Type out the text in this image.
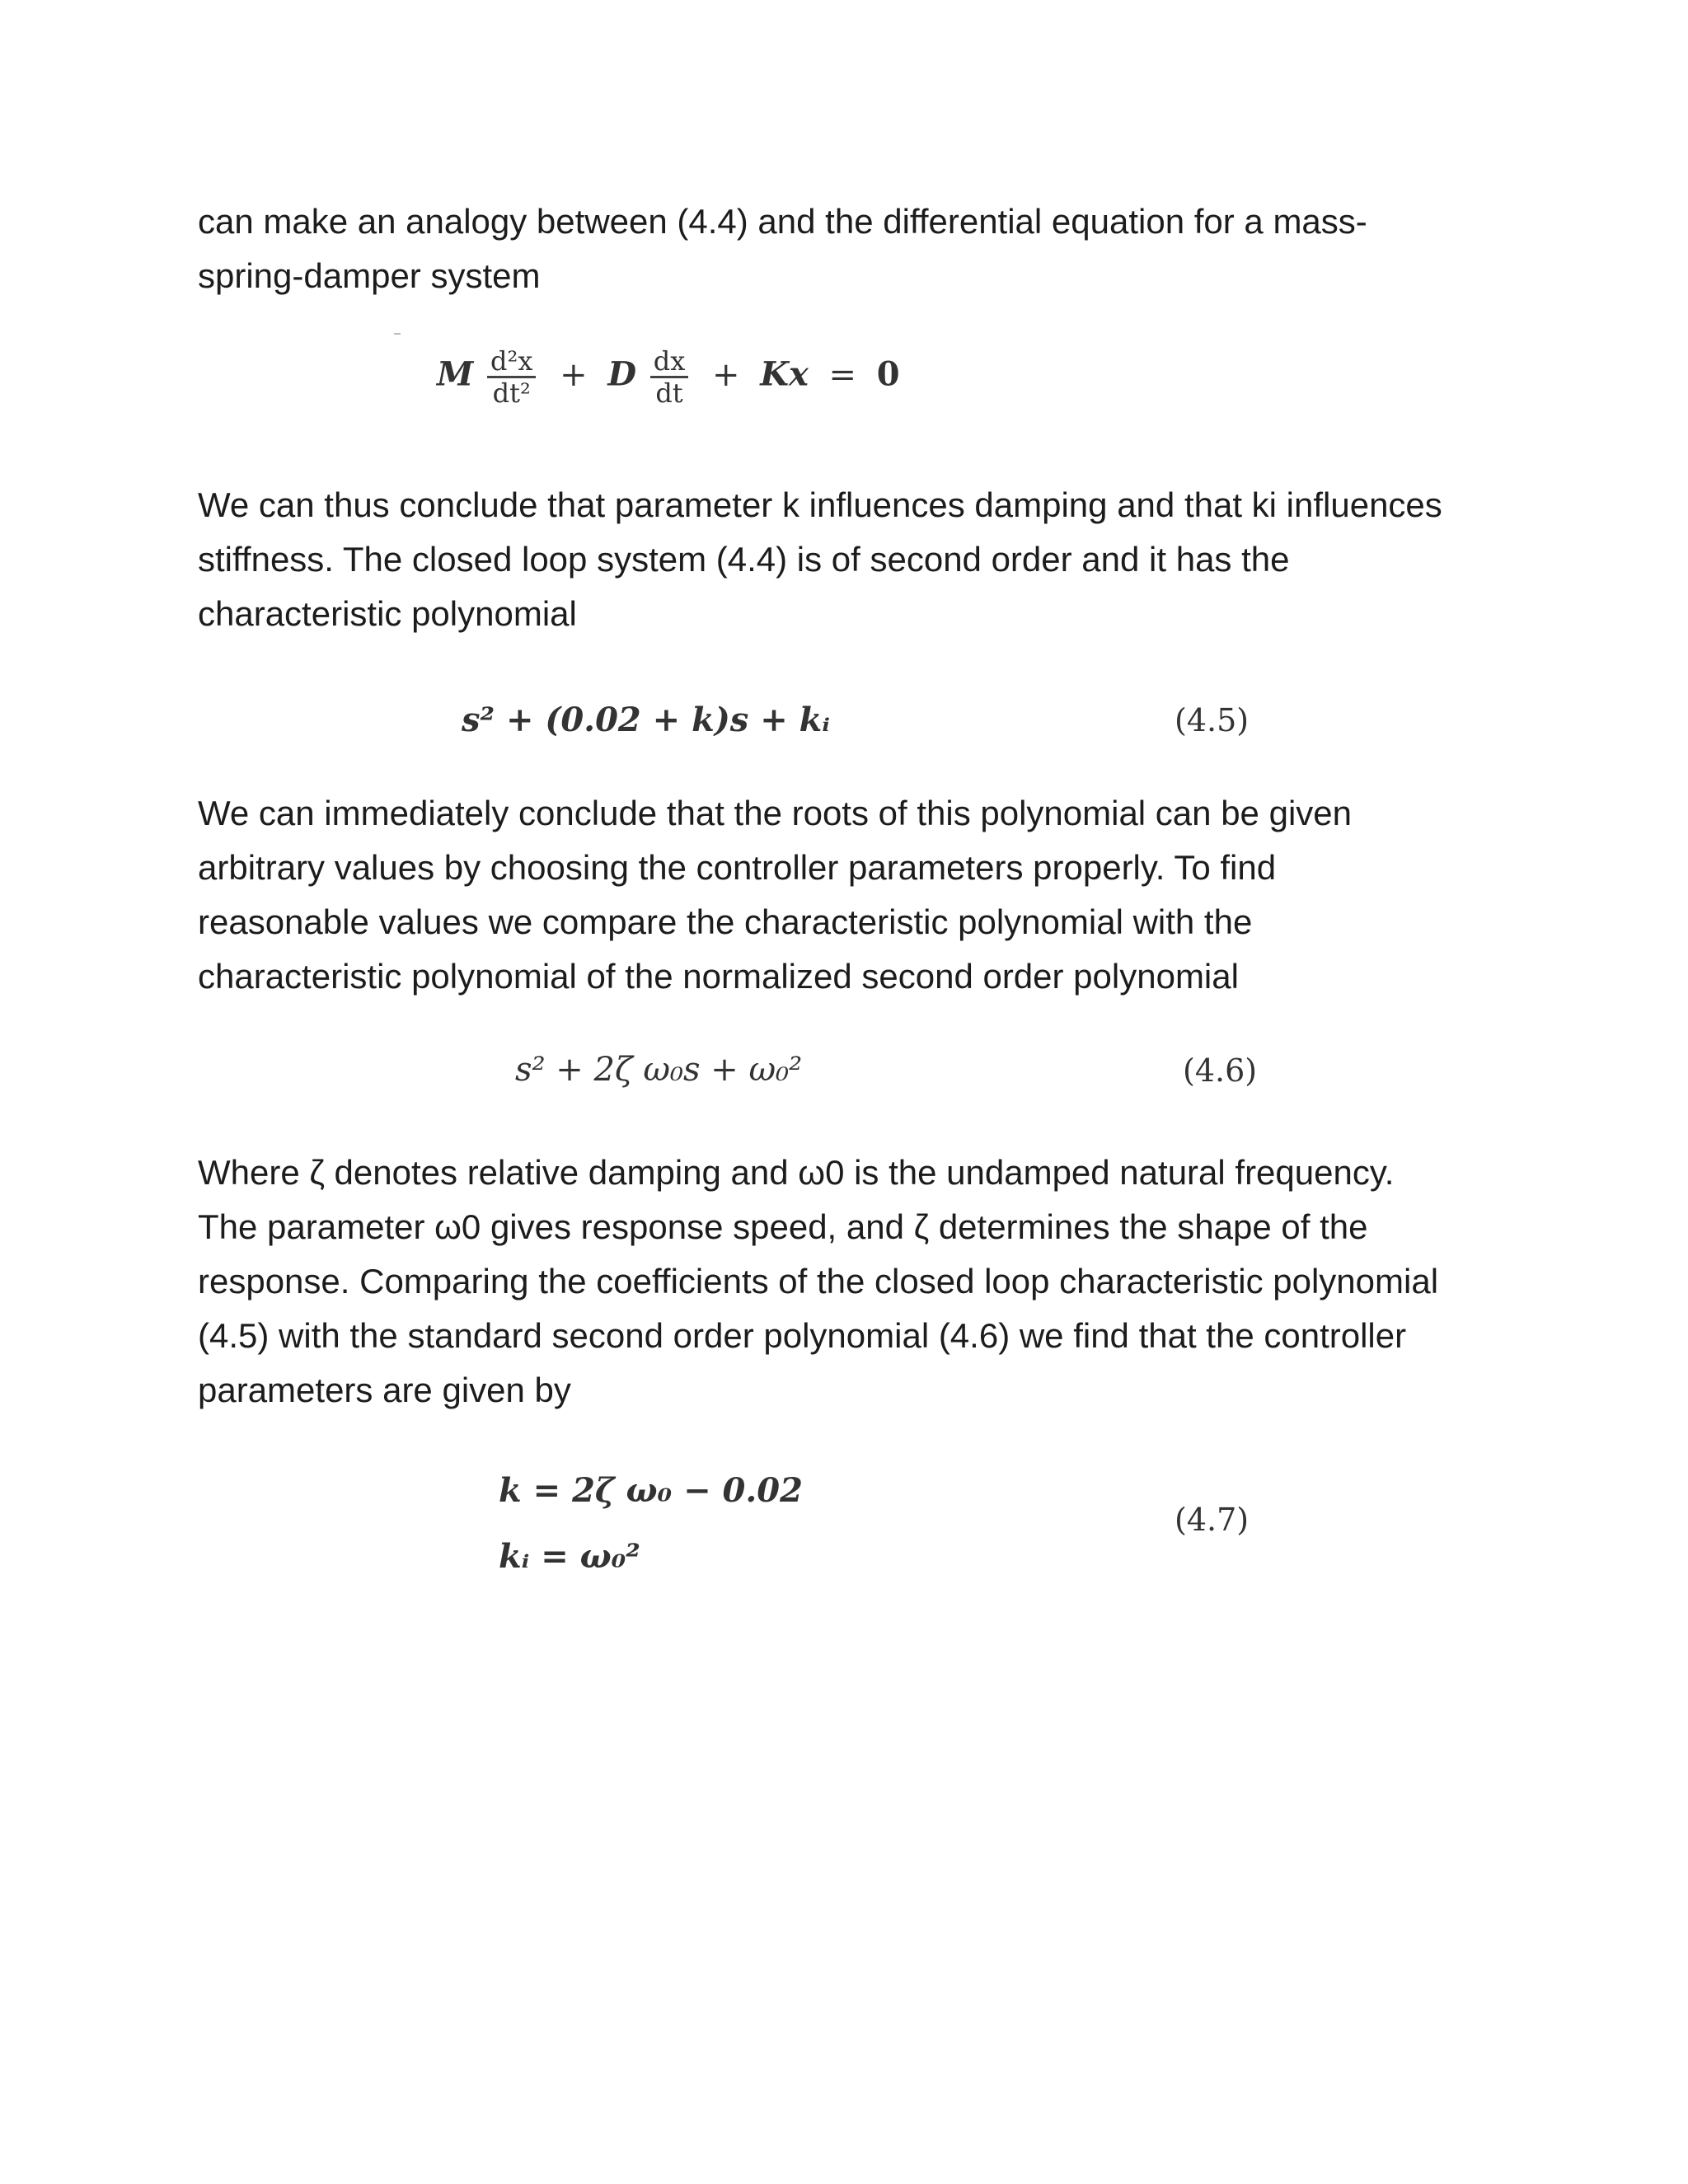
can make an analogy between (4.4) and the differential equation for a mass-
spring-damper system

M $\frac{\text{d²x}}{\text{dt²}} + D \frac{dx}{dt} + Kx = 0$

We can thus conclude that parameter k influences damping and that ki influences
stiffness. The closed loop system (4.4) is of second order and it has the
characteristic polynomial

s² + (0.02 + k)s + kᵢ	(4.5)

We can immediately conclude that the roots of this polynomial can be given
arbitrary values by choosing the controller parameters properly. To find
reasonable values we compare the characteristic polynomial with the
characteristic polynomial of the normalized second order polynomial

s² + 2ζ ω₀s + ω₀²	(4.6)

Where ζ denotes relative damping and ω0 is the undamped natural frequency.
The parameter ω0 gives response speed, and ζ determines the shape of the
response. Comparing the coefficients of the closed loop characteristic polynomial
(4.5) with the standard second order polynomial (4.6) we find that the controller
parameters are given by

k = 2ζ ω₀ − 0.02
kᵢ = ω₀²
(4.7)
